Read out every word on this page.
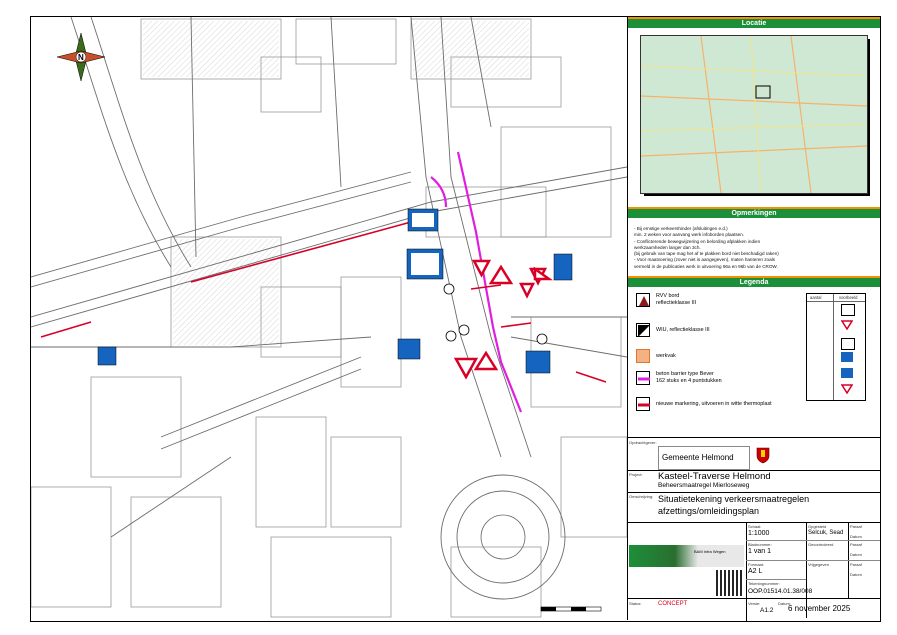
N
Locatie
Opmerkingen
- Bij ernstige verkeershinder (afsluitingen e.d.)
min. 2 weken voor aanvang werk infoborden plaatsen.
- Conflicterende bewegwijzering en belording afplakken indien
werkzaamheden langer dan 3ch.
(bij gebruik van tape mag het af te plakken bord niet beschadigd raken)
- Voor maatvoering (zover niet is aangegeven), maten hanteren zoals
vermeld in de publicaties werk in uitvoering 96a en 96b van de CROW.
Legenda
RVV bord
reflectieklasse III
WIU, reflectieklasse III
werkvak
beton barrier type Bever
162 stuks en 4 puntstukken
nieuwe markering, uitvoeren in witte thermoplast
aantal	voorbeeld
Opdrachtgever:
Gemeente Helmond
Project: Kasteel-Traverse Helmond
Beheersmaatregel Mierloseweg
Omschrijving: Situatietekening verkeersmaatregelen
afzettings/omleidingsplan
BAM Infra Wegen
Schaal:
1:1000
Opgesteld
Selcuk, Sead
Paraaf
Datum
Bladnummer:
1 van 1
Gecontroleerd	Paraaf
Datum
Formaat:
A2 L
Vrijgegeven	Paraaf
Datum
Tekeningnummer:
OOP.01514.01.38/008
Status:	CONCEPT	Versie:
A1.2
Datum:
6 november 2025
